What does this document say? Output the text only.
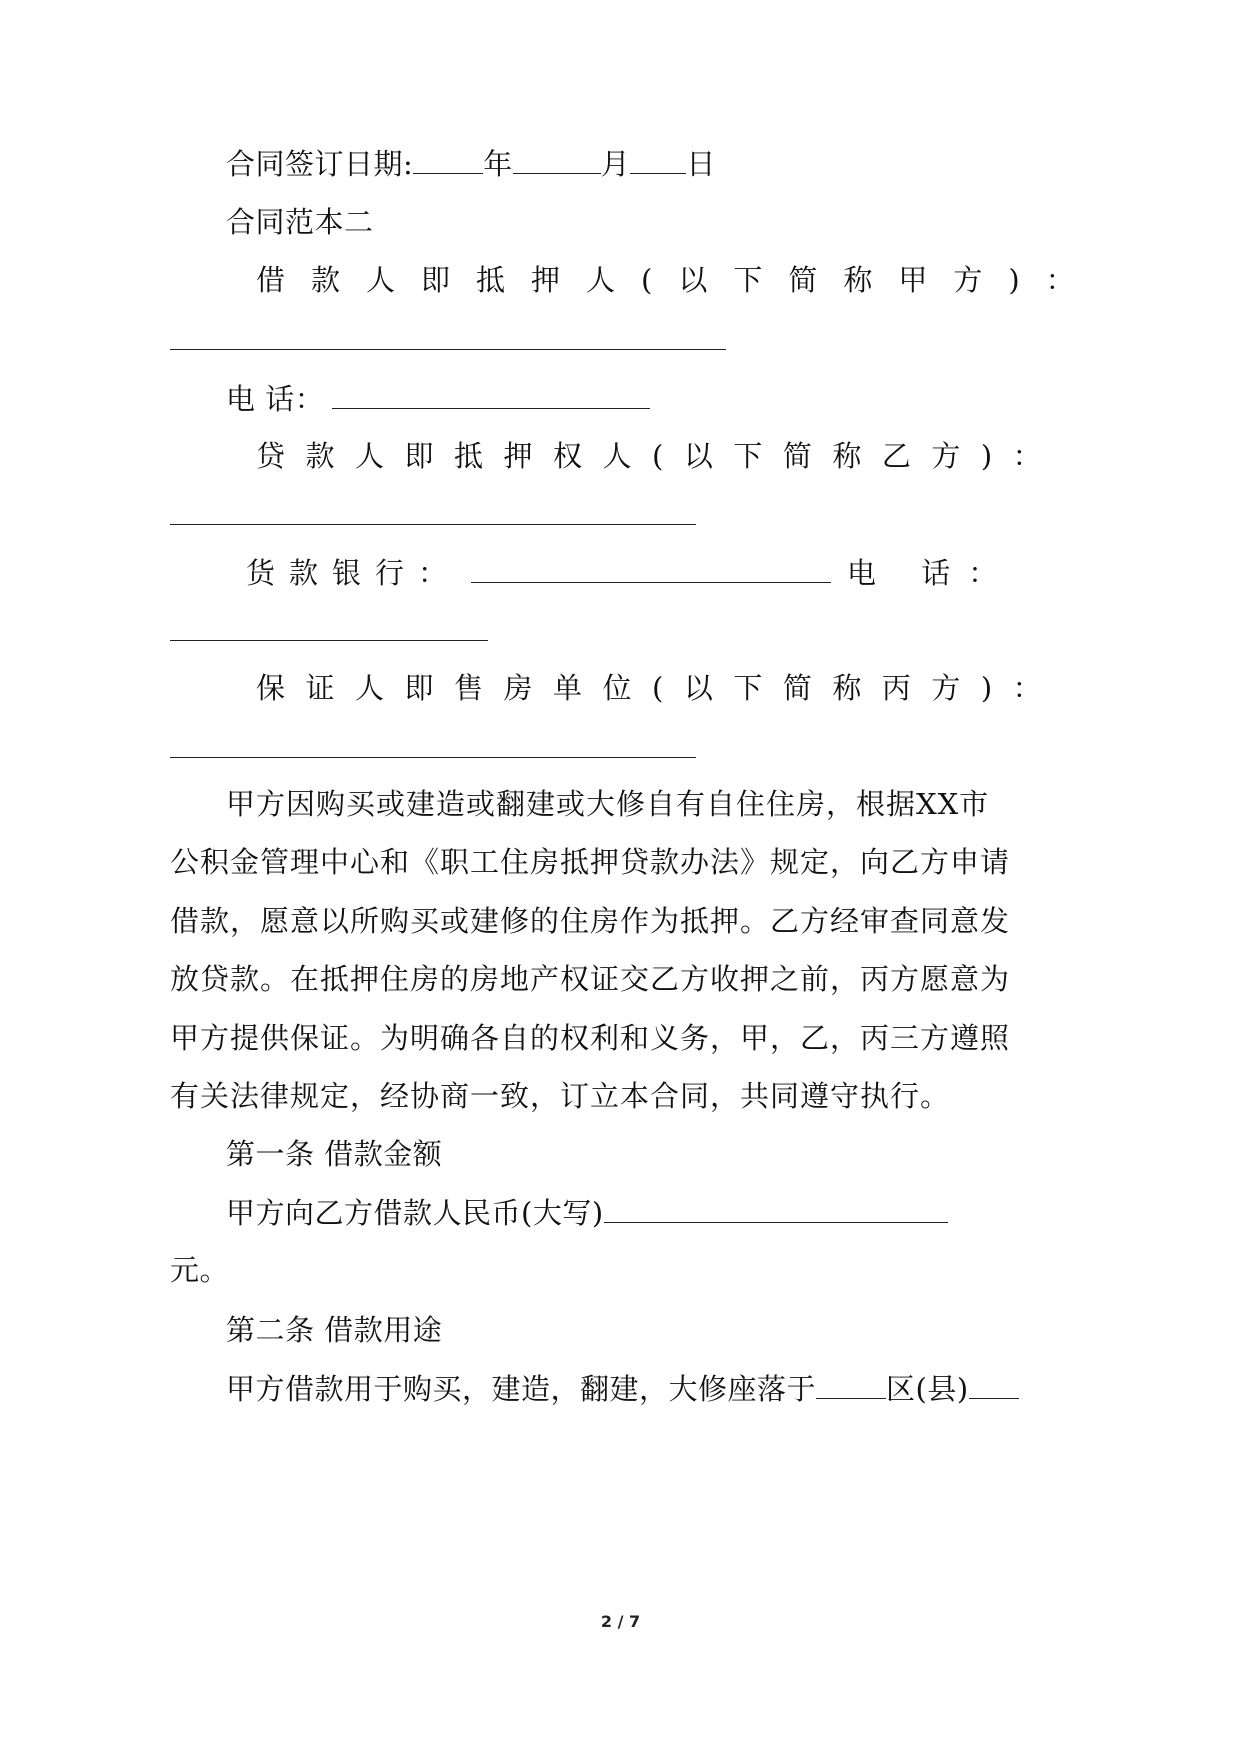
合同签订日期: 年	月 日
合同范本二
借款人即抵押人(以下简称甲方)：
电 话：
贷款人即抵押权人(以下简称乙方)：
货款银行：	电 话：
保证人即售房单位(以下简称丙方)：
甲方因购买或建造或翻建或大修自有自住住房，根据XX市
公积金管理中心和《职工住房抵押贷款办法》规定，向乙方申请
借款，愿意以所购买或建修的住房作为抵押。乙方经审查同意发
放贷款。在抵押住房的房地产权证交乙方收押之前，丙方愿意为
甲方提供保证。为明确各自的权利和义务，甲，乙，丙三方遵照
有关法律规定，经协商一致，订立本合同，共同遵守执行。
第一条 借款金额
甲方向乙方借款人民币(大写)
元。
第二条 借款用途
甲方借款用于购买，建造，翻建，大修座落于 区(县)
2 / 7
